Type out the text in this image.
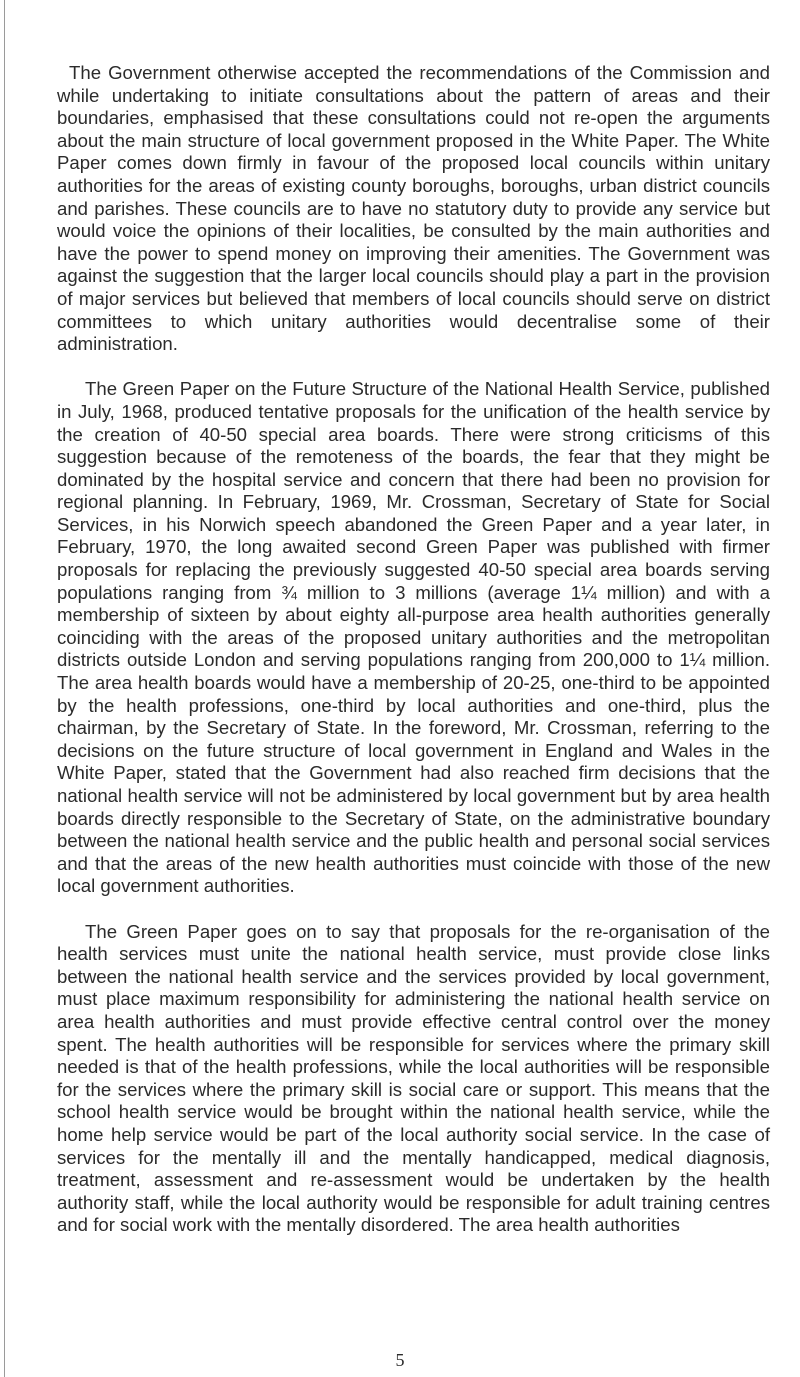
The Government otherwise accepted the recommendations of the Commission and while undertaking to initiate consultations about the pattern of areas and their boundaries, emphasised that these consultations could not re-open the arguments about the main structure of local government proposed in the White Paper. The White Paper comes down firmly in favour of the proposed local councils within unitary authorities for the areas of existing county boroughs, boroughs, urban district councils and parishes. These councils are to have no statutory duty to provide any service but would voice the opinions of their localities, be consulted by the main authorities and have the power to spend money on improving their amenities. The Government was against the suggestion that the larger local councils should play a part in the provision of major services but believed that members of local councils should serve on district committees to which unitary authorities would decentralise some of their administration.

The Green Paper on the Future Structure of the National Health Service, published in July, 1968, produced tentative proposals for the unification of the health service by the creation of 40-50 special area boards. There were strong criticisms of this suggestion because of the remoteness of the boards, the fear that they might be dominated by the hospital service and concern that there had been no provision for regional planning. In February, 1969, Mr. Crossman, Secretary of State for Social Services, in his Norwich speech abandoned the Green Paper and a year later, in February, 1970, the long awaited second Green Paper was published with firmer proposals for replacing the previously suggested 40-50 special area boards serving populations ranging from ¾ million to 3 millions (average 1¼ million) and with a membership of sixteen by about eighty all-purpose area health authorities generally coinciding with the areas of the proposed unitary authorities and the metropolitan districts outside London and serving populations ranging from 200,000 to 1¼ million. The area health boards would have a membership of 20-25, one-third to be appointed by the health professions, one-third by local authorities and one-third, plus the chairman, by the Secretary of State. In the foreword, Mr. Crossman, referring to the decisions on the future structure of local government in England and Wales in the White Paper, stated that the Government had also reached firm decisions that the national health service will not be administered by local government but by area health boards directly responsible to the Secretary of State, on the administrative boundary between the national health service and the public health and personal social services and that the areas of the new health authorities must coincide with those of the new local government authorities.

The Green Paper goes on to say that proposals for the re-organisation of the health services must unite the national health service, must provide close links between the national health service and the services provided by local government, must place maximum responsibility for administering the national health service on area health authorities and must provide effective central control over the money spent. The health authorities will be responsible for services where the primary skill needed is that of the health professions, while the local authorities will be responsible for the services where the primary skill is social care or support. This means that the school health service would be brought within the national health service, while the home help service would be part of the local authority social service. In the case of services for the mentally ill and the mentally handicapped, medical diagnosis, treatment, assessment and re-assessment would be undertaken by the health authority staff, while the local authority would be responsible for adult training centres and for social work with the mentally disordered. The area health authorities

5
